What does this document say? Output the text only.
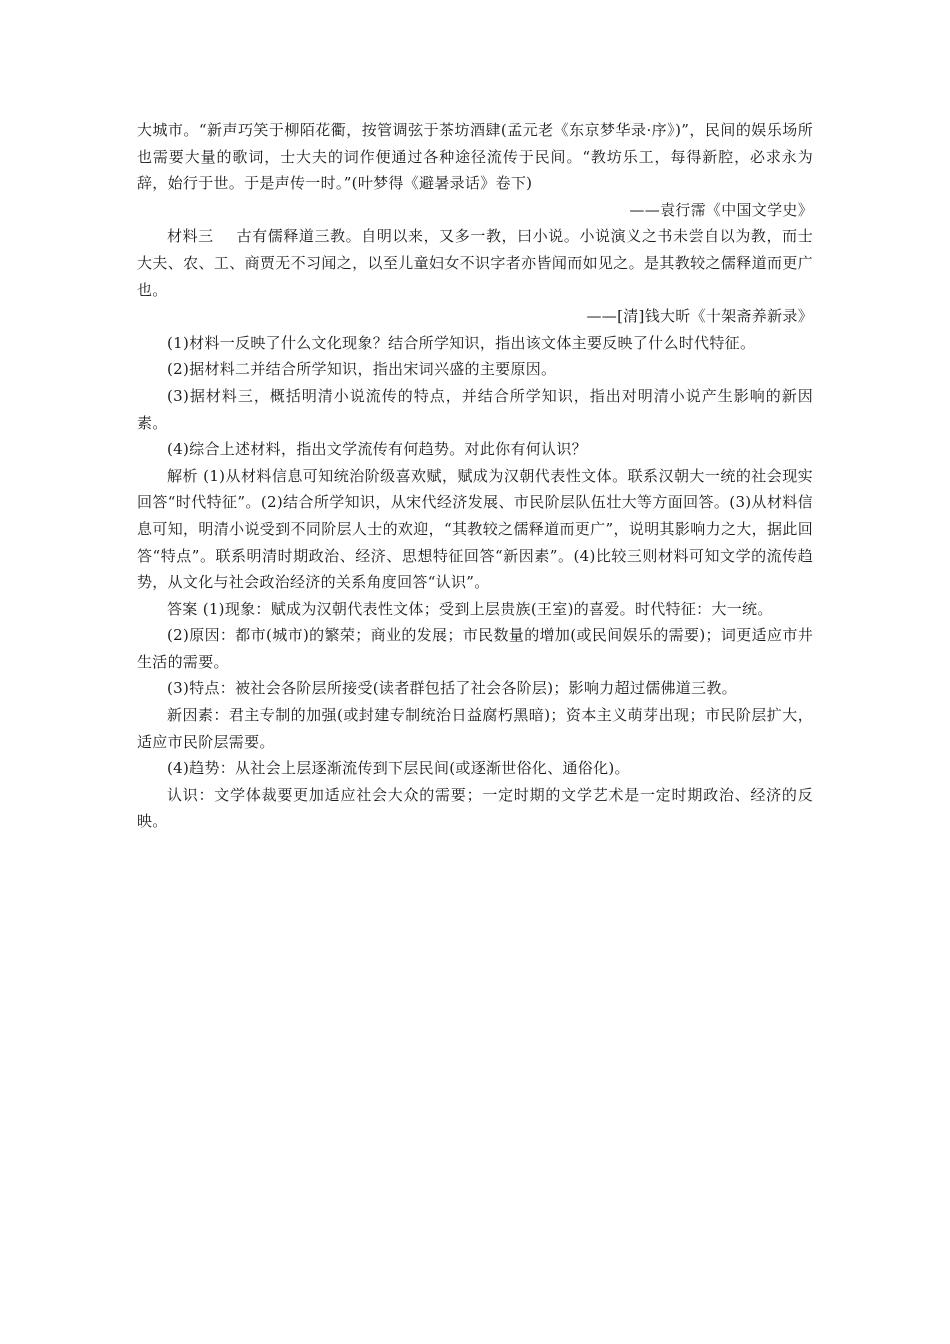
大城市。“新声巧笑于柳陌花衢，按管调弦于茶坊酒肆(孟元老《东京梦华录·序》)”，民间的娱乐场所也需要大量的歌词，士大夫的词作便通过各种途径流传于民间。“教坊乐工，每得新腔，必求永为辞，始行于世。于是声传一时。”(叶梦得《避暑录话》卷下)

——袁行霈《中国文学史》

材料三 古有儒释道三教。自明以来，又多一教，曰小说。小说演义之书未尝自以为教，而士大夫、农、工、商贾无不习闻之，以至儿童妇女不识字者亦皆闻而如见之。是其教较之儒释道而更广也。

——[清]钱大昕《十架斋养新录》

(1)材料一反映了什么文化现象？结合所学知识，指出该文体主要反映了什么时代特征。

(2)据材料二并结合所学知识，指出宋词兴盛的主要原因。

(3)据材料三，概括明清小说流传的特点，并结合所学知识，指出对明清小说产生影响的新因素。

(4)综合上述材料，指出文学流传有何趋势。对此你有何认识？

解析 (1)从材料信息可知统治阶级喜欢赋，赋成为汉朝代表性文体。联系汉朝大一统的社会现实回答“时代特征”。(2)结合所学知识，从宋代经济发展、市民阶层队伍壮大等方面回答。(3)从材料信息可知，明清小说受到不同阶层人士的欢迎，“其教较之儒释道而更广”，说明其影响力之大，据此回答“特点”。联系明清时期政治、经济、思想特征回答“新因素”。(4)比较三则材料可知文学的流传趋势，从文化与社会政治经济的关系角度回答“认识”。

答案 (1)现象：赋成为汉朝代表性文体；受到上层贵族(王室)的喜爱。时代特征：大一统。

(2)原因：都市(城市)的繁荣；商业的发展；市民数量的增加(或民间娱乐的需要)；词更适应市井生活的需要。

(3)特点：被社会各阶层所接受(读者群包括了社会各阶层)；影响力超过儒佛道三教。

新因素：君主专制的加强(或封建专制统治日益腐朽黑暗)；资本主义萌芽出现；市民阶层扩大，适应市民阶层需要。

(4)趋势：从社会上层逐渐流传到下层民间(或逐渐世俗化、通俗化)。

认识：文学体裁要更加适应社会大众的需要；一定时期的文学艺术是一定时期政治、经济的反映。
